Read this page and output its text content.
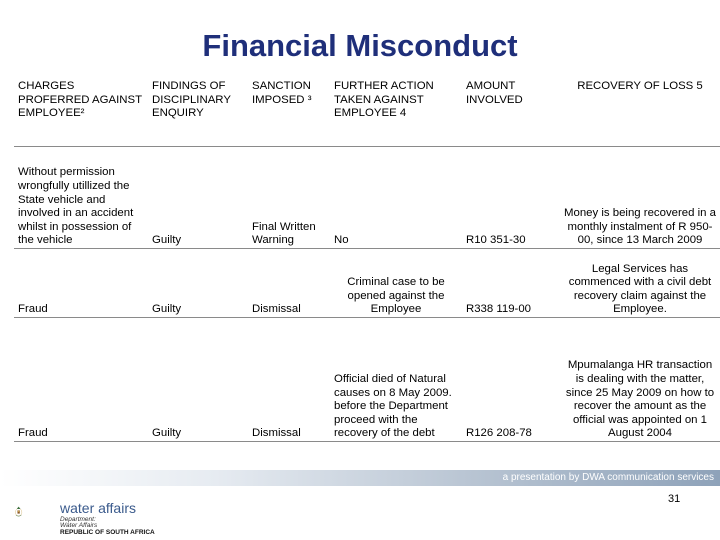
Financial Misconduct
CHARGES PROFERRED AGAINST EMPLOYEE²	FINDINGS OF DISCIPLINARY ENQUIRY	SANCTION IMPOSED ³	FURTHER ACTION TAKEN AGAINST EMPLOYEE 4	AMOUNT INVOLVED	RECOVERY OF LOSS 5
Without permission wrongfully utillized the State vehicle and involved in an accident whilst in possession of the vehicle	Guilty	Final Written Warning	No	R10 351-30	Money is being recovered in a monthly instalment of R 950-00, since 13 March 2009
Fraud	Guilty	Dismissal	Criminal case to be opened against the Employee	R338 119-00	Legal Services has commenced with a civil debt recovery claim against the Employee.
Fraud	Guilty	Dismissal	Official died of Natural causes on 8 May 2009. before the Department proceed with the recovery of the debt	R126 208-78	Mpumalanga HR transaction is dealing with the matter, since 25 May 2009 on how to recover the amount as the official was appointed on 1 August 2004
a presentation by DWA communication services
31
water affairs
Department:
Water Affairs
REPUBLIC OF SOUTH AFRICA
